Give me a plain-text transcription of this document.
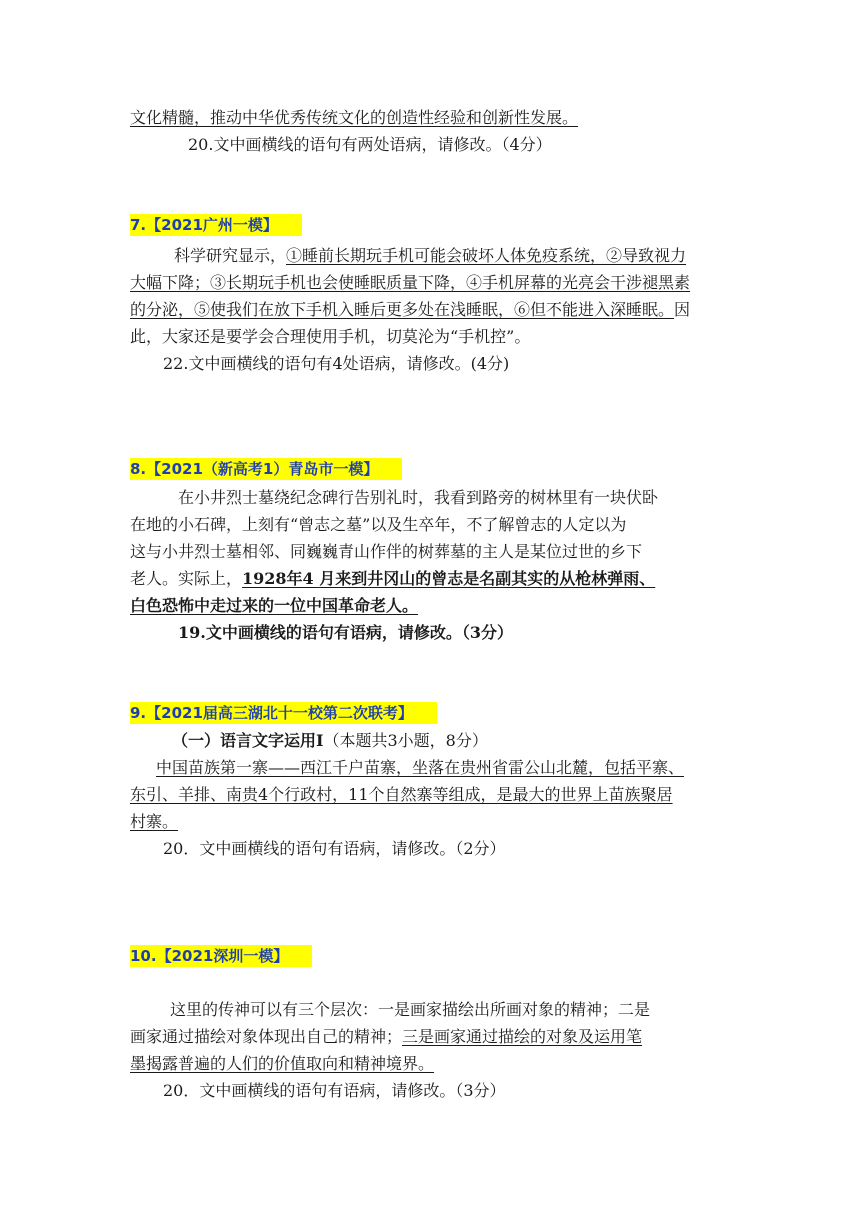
文化精髓，推动中华优秀传统文化的创造性经验和创新性发展。
20.文中画横线的语句有两处语病，请修改。（4分）
7.【2021广州一模】
科学研究显示，①睡前长期玩手机可能会破坏人体免疫系统，②导致视力
大幅下降；③长期玩手机也会使睡眠质量下降，④手机屏幕的光亮会干涉褪黑素
的分泌，⑤使我们在放下手机入睡后更多处在浅睡眠，⑥但不能进入深睡眠。因
此，大家还是要学会合理使用手机，切莫沦为“手机控”。
22.文中画横线的语句有4处语病，请修改。(4分)
8.【2021（新高考1）青岛市一模】
在小井烈士墓绕纪念碑行告别礼时，我看到路旁的树林里有一块伏卧
在地的小石碑，上刻有“曾志之墓”以及生卒年，不了解曾志的人定以为
这与小井烈士墓相邻、同巍巍青山作伴的树葬墓的主人是某位过世的乡下
老人。实际上，1928年4 月来到井冈山的曾志是名副其实的从枪林弹雨、
白色恐怖中走过来的一位中国革命老人。
19.文中画横线的语句有语病，请修改。（3分）
9.【2021届高三湖北十一校第二次联考】
（一）语言文字运用Ⅰ（本题共3小题，8分）
中国苗族第一寨——西江千户苗寨，坐落在贵州省雷公山北麓，包括平寨、
东引、羊排、南贵4个行政村，11个自然寨等组成，是最大的世界上苗族聚居
村寨。
20．文中画横线的语句有语病，请修改。（2分）
10.【2021深圳一模】
这里的传神可以有三个层次：一是画家描绘出所画对象的精神；二是
画家通过描绘对象体现出自己的精神；三是画家通过描绘的对象及运用笔
墨揭露普遍的人们的价值取向和精神境界。
20．文中画横线的语句有语病，请修改。（3分）
